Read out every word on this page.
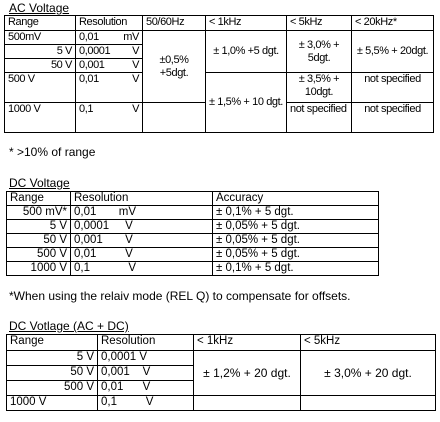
AC Voltage
Range	Resolution	50/60Hz	< 1kHz	< 5kHz	< 20kHz*
500mV	0,01 mV	±0,5% +5dgt.	± 1,0% +5 dgt.	± 3,0% + 5dgt.	± 5,5% + 20dgt.
5 V	0,0001 V				

50 V	0,001 V				

500 V	0,01 V		± 1,5% + 10 dgt.	± 3,5% + 10dgt.	not specified
1000 V	0,1 V			not specified	not specified
* >10% of range
DC Voltage
Range	Resolution	Accuracy
500 mV*	0,01 mV	± 0,1% + 5 dgt.
5 V	0,0001 V	± 0,05% + 5 dgt.
50 V	0,001 V	± 0,05% + 5 dgt.
500 V	0,01 V	± 0,05% + 5 dgt.
1000 V	0,1 V	± 0,1% + 5 dgt.
*When using the relaiv mode (REL Q) to compensate for offsets.
DC Votlage (AC + DC)
Range	Resolution	< 1kHz	< 5kHz
5 V	0,0001 V	± 1,2% + 20 dgt.	± 3,0% + 20 dgt.
50 V	0,001 V		
500 V	0,01 V		
1000 V	0,1 V		
